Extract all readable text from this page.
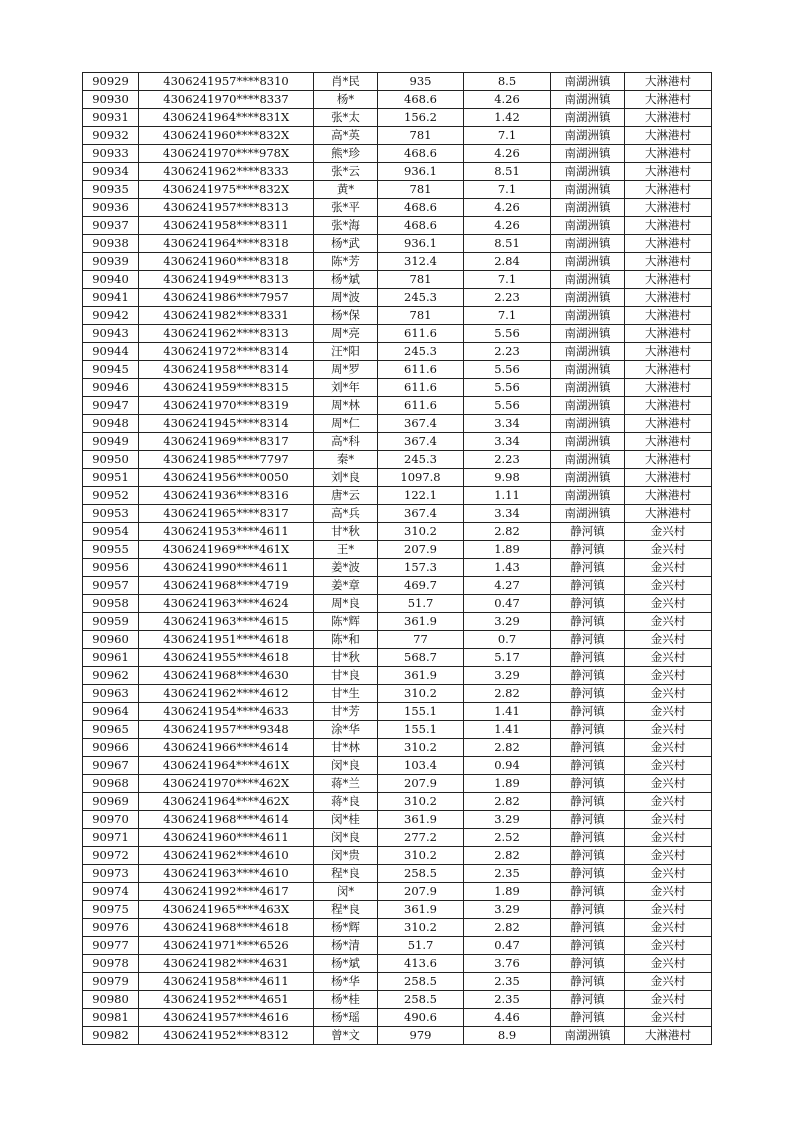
90929	4306241957****8310	肖*民	935	8.5	南湖洲镇	大淋港村
90930	4306241970****8337	杨*	468.6	4.26	南湖洲镇	大淋港村
90931	4306241964****831X	张*太	156.2	1.42	南湖洲镇	大淋港村
90932	4306241960****832X	高*英	781	7.1	南湖洲镇	大淋港村
90933	4306241970****978X	熊*珍	468.6	4.26	南湖洲镇	大淋港村
90934	4306241962****8333	张*云	936.1	8.51	南湖洲镇	大淋港村
90935	4306241975****832X	黄*	781	7.1	南湖洲镇	大淋港村
90936	4306241957****8313	张*平	468.6	4.26	南湖洲镇	大淋港村
90937	4306241958****8311	张*海	468.6	4.26	南湖洲镇	大淋港村
90938	4306241964****8318	杨*武	936.1	8.51	南湖洲镇	大淋港村
90939	4306241960****8318	陈*芳	312.4	2.84	南湖洲镇	大淋港村
90940	4306241949****8313	杨*斌	781	7.1	南湖洲镇	大淋港村
90941	4306241986****7957	周*波	245.3	2.23	南湖洲镇	大淋港村
90942	4306241982****8331	杨*保	781	7.1	南湖洲镇	大淋港村
90943	4306241962****8313	周*亮	611.6	5.56	南湖洲镇	大淋港村
90944	4306241972****8314	汪*阳	245.3	2.23	南湖洲镇	大淋港村
90945	4306241958****8314	周*罗	611.6	5.56	南湖洲镇	大淋港村
90946	4306241959****8315	刘*年	611.6	5.56	南湖洲镇	大淋港村
90947	4306241970****8319	周*林	611.6	5.56	南湖洲镇	大淋港村
90948	4306241945****8314	周*仁	367.4	3.34	南湖洲镇	大淋港村
90949	4306241969****8317	高*科	367.4	3.34	南湖洲镇	大淋港村
90950	4306241985****7797	秦*	245.3	2.23	南湖洲镇	大淋港村
90951	4306241956****0050	刘*良	1097.8	9.98	南湖洲镇	大淋港村
90952	4306241936****8316	唐*云	122.1	1.11	南湖洲镇	大淋港村
90953	4306241965****8317	高*兵	367.4	3.34	南湖洲镇	大淋港村
90954	4306241953****4611	甘*秋	310.2	2.82	静河镇	金兴村
90955	4306241969****461X	王*	207.9	1.89	静河镇	金兴村
90956	4306241990****4611	姜*波	157.3	1.43	静河镇	金兴村
90957	4306241968****4719	姜*章	469.7	4.27	静河镇	金兴村
90958	4306241963****4624	周*良	51.7	0.47	静河镇	金兴村
90959	4306241963****4615	陈*辉	361.9	3.29	静河镇	金兴村
90960	4306241951****4618	陈*和	77	0.7	静河镇	金兴村
90961	4306241955****4618	甘*秋	568.7	5.17	静河镇	金兴村
90962	4306241968****4630	甘*良	361.9	3.29	静河镇	金兴村
90963	4306241962****4612	甘*生	310.2	2.82	静河镇	金兴村
90964	4306241954****4633	甘*芳	155.1	1.41	静河镇	金兴村
90965	4306241957****9348	涂*华	155.1	1.41	静河镇	金兴村
90966	4306241966****4614	甘*林	310.2	2.82	静河镇	金兴村
90967	4306241964****461X	闵*良	103.4	0.94	静河镇	金兴村
90968	4306241970****462X	蒋*兰	207.9	1.89	静河镇	金兴村
90969	4306241964****462X	蒋*良	310.2	2.82	静河镇	金兴村
90970	4306241968****4614	闵*桂	361.9	3.29	静河镇	金兴村
90971	4306241960****4611	闵*良	277.2	2.52	静河镇	金兴村
90972	4306241962****4610	闵*贵	310.2	2.82	静河镇	金兴村
90973	4306241963****4610	程*良	258.5	2.35	静河镇	金兴村
90974	4306241992****4617	闵*	207.9	1.89	静河镇	金兴村
90975	4306241965****463X	程*良	361.9	3.29	静河镇	金兴村
90976	4306241968****4618	杨*辉	310.2	2.82	静河镇	金兴村
90977	4306241971****6526	杨*清	51.7	0.47	静河镇	金兴村
90978	4306241982****4631	杨*斌	413.6	3.76	静河镇	金兴村
90979	4306241958****4611	杨*华	258.5	2.35	静河镇	金兴村
90980	4306241952****4651	杨*桂	258.5	2.35	静河镇	金兴村
90981	4306241957****4616	杨*瑶	490.6	4.46	静河镇	金兴村
90982	4306241952****8312	曾*文	979	8.9	南湖洲镇	大淋港村
